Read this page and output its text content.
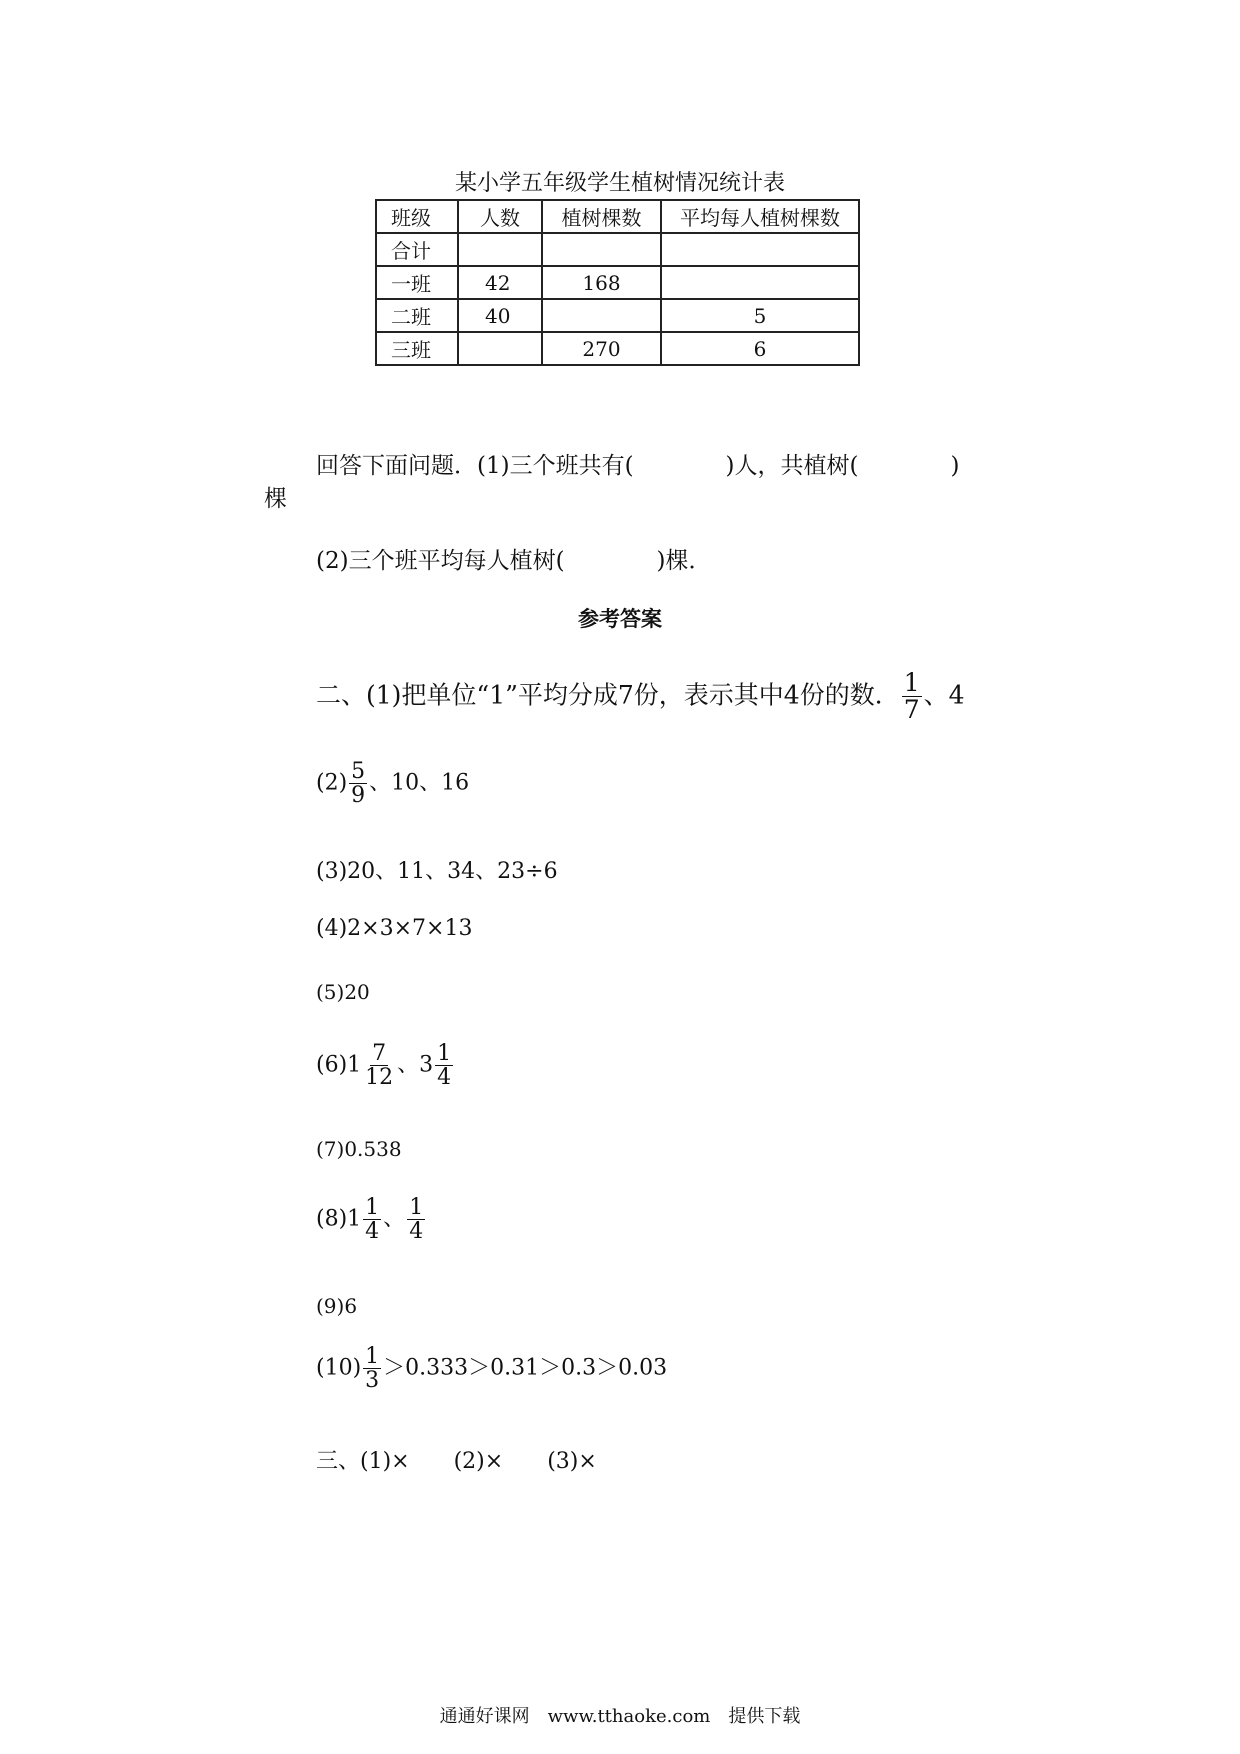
某小学五年级学生植树情况统计表
班级	人数	植树棵数	平均每人植树棵数
合计			
一班	42	168	
二班	40		5
三班		270	6
回答下面问题．(1)三个班共有(　　　　)人，共植树(　　　　)
棵
(2)三个班平均每人植树(　　　　)棵．
参考答案
二、(1)把单位“1”平均分成7份，表示其中4份的数． $\frac{1}{7}$ 、4
$(2) \frac{5}{9}$ 、10、16
(3)20、11、34、23÷6
(4)2×3×7×13
(5)20
$(6)1 \frac{7}{12}$ 、$3 \frac{1}{4}$
(7)0.538
$(8)1 \frac{1}{4}$ 、 $\frac{1}{4}$
(9)6
$(10) \frac{1}{3} >0.333>0.31>0.3>0.03$
三、(1)×　　(2)×　　(3)×
通通好课网　www.tthaoke.com　提供下载
